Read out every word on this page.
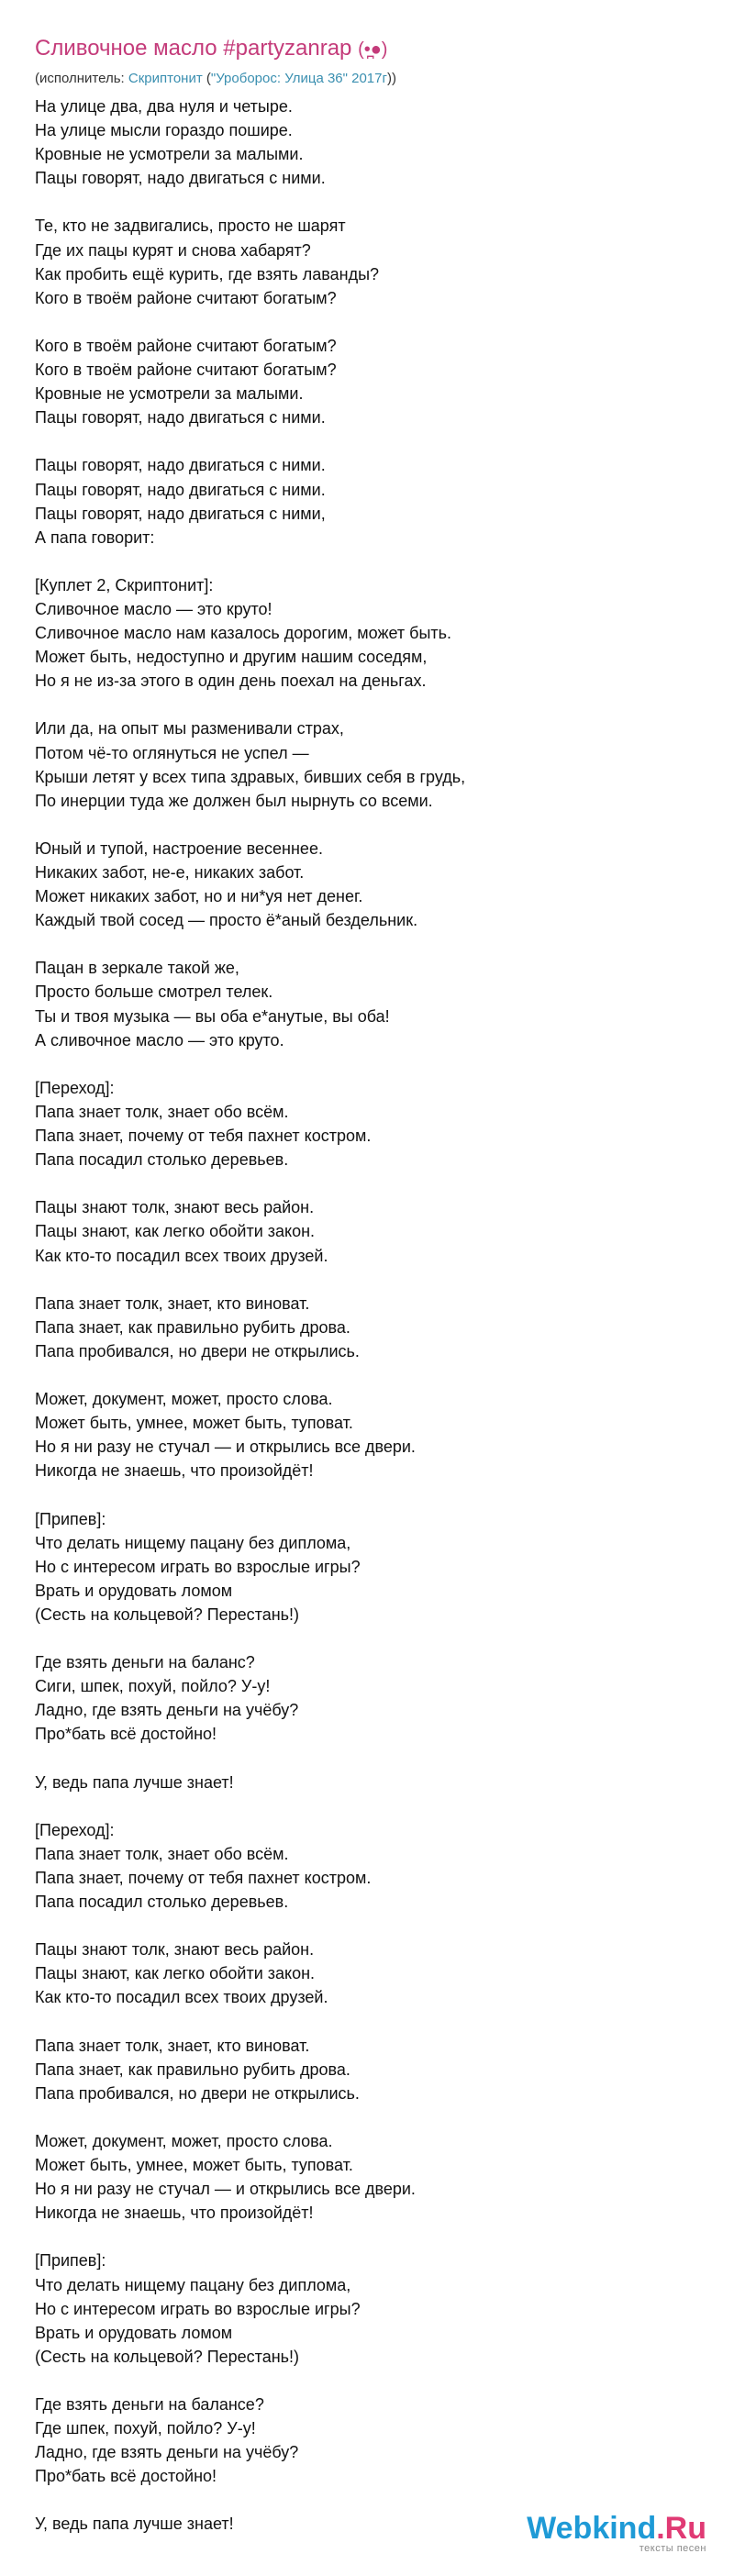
Сливочное масло #partyzanrap (•̪●)
(исполнитель: Скриптонит ("Уроборос: Улица 36" 2017г))
На улице два, два нуля и четыре.
На улице мысли гораздо пошире.
Кровные не усмотрели за малыми.
Пацы говорят, надо двигаться с ними.
Те, кто не задвигались, просто не шарят
Где их пацы курят и снова хабарят?
Как пробить ещё курить, где взять лаванды?
Кого в твоём районе считают богатым?
Кого в твоём районе считают богатым?
Кого в твоём районе считают богатым?
Кровные не усмотрели за малыми.
Пацы говорят, надо двигаться с ними.
Пацы говорят, надо двигаться с ними.
Пацы говорят, надо двигаться с ними.
Пацы говорят, надо двигаться с ними,
А папа говорит:
[Куплет 2, Скриптонит]:
Сливочное масло — это круто!
Сливочное масло нам казалось дорогим, может быть.
Может быть, недоступно и другим нашим соседям,
Но я не из-за этого в один день поехал на деньгах.
Или да, на опыт мы разменивали страх,
Потом чё-то оглянуться не успел —
Крыши летят у всех типа здравых, бивших себя в грудь,
По инерции туда же должен был нырнуть со всеми.
Юный и тупой, настроение весеннее.
Никаких забот, не-е, никаких забот.
Может никаких забот, но и ни*уя нет денег.
Каждый твой сосед — просто ё*аный бездельник.
Пацан в зеркале такой же,
Просто больше смотрел телек.
Ты и твоя музыка — вы оба е*анутые, вы оба!
А сливочное масло — это круто.
[Переход]:
Папа знает толк, знает обо всём.
Папа знает, почему от тебя пахнет костром.
Папа посадил столько деревьев.
Пацы знают толк, знают весь район.
Пацы знают, как легко обойти закон.
Как кто-то посадил всех твоих друзей.
Папа знает толк, знает, кто виноват.
Папа знает, как правильно рубить дрова.
Папа пробивался, но двери не открылись.
Может, документ, может, просто слова.
Может быть, умнее, может быть, туповат.
Но я ни разу не стучал — и открылись все двери.
Никогда не знаешь, что произойдёт!
[Припев]:
Что делать нищему пацану без диплома,
Но с интересом играть во взрослые игры?
Врать и орудовать ломом
(Сесть на кольцевой? Перестань!)
Где взять деньги на баланс?
Сиги, шпек, похуй, пойло? У-у!
Ладно, где взять деньги на учёбу?
Про*бать всё достойно!
У, ведь папа лучше знает!
[Переход]:
Папа знает толк, знает обо всём.
Папа знает, почему от тебя пахнет костром.
Папа посадил столько деревьев.
Пацы знают толк, знают весь район.
Пацы знают, как легко обойти закон.
Как кто-то посадил всех твоих друзей.
Папа знает толк, знает, кто виноват.
Папа знает, как правильно рубить дрова.
Папа пробивался, но двери не открылись.
Может, документ, может, просто слова.
Может быть, умнее, может быть, туповат.
Но я ни разу не стучал — и открылись все двери.
Никогда не знаешь, что произойдёт!
[Припев]:
Что делать нищему пацану без диплома,
Но с интересом играть во взрослые игры?
Врать и орудовать ломом
(Сесть на кольцевой? Перестань!)
Где взять деньги на балансе?
Где шпек, похуй, пойло? У-у!
Ладно, где взять деньги на учёбу?
Про*бать всё достойно!
У, ведь папа лучше знает!	Webkind.Ru
тексты песен
